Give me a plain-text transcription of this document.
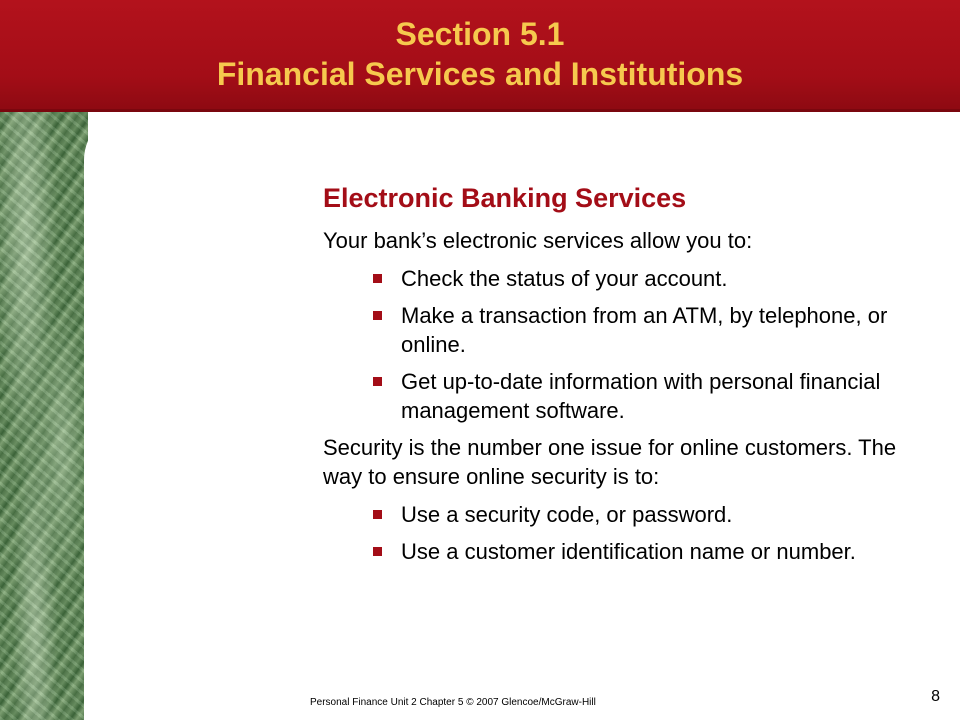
Section 5.1
Financial Services and Institutions
Electronic Banking Services
Your bank’s electronic services allow you to:
Check the status of your account.
Make a transaction from an ATM, by telephone, or online.
Get up-to-date information with personal financial management software.
Security is the number one issue for online customers. The way to ensure online security is to:
Use a security code, or password.
Use a customer identification name or number.
Personal Finance Unit 2 Chapter 5 © 2007 Glencoe/McGraw-Hill	8
